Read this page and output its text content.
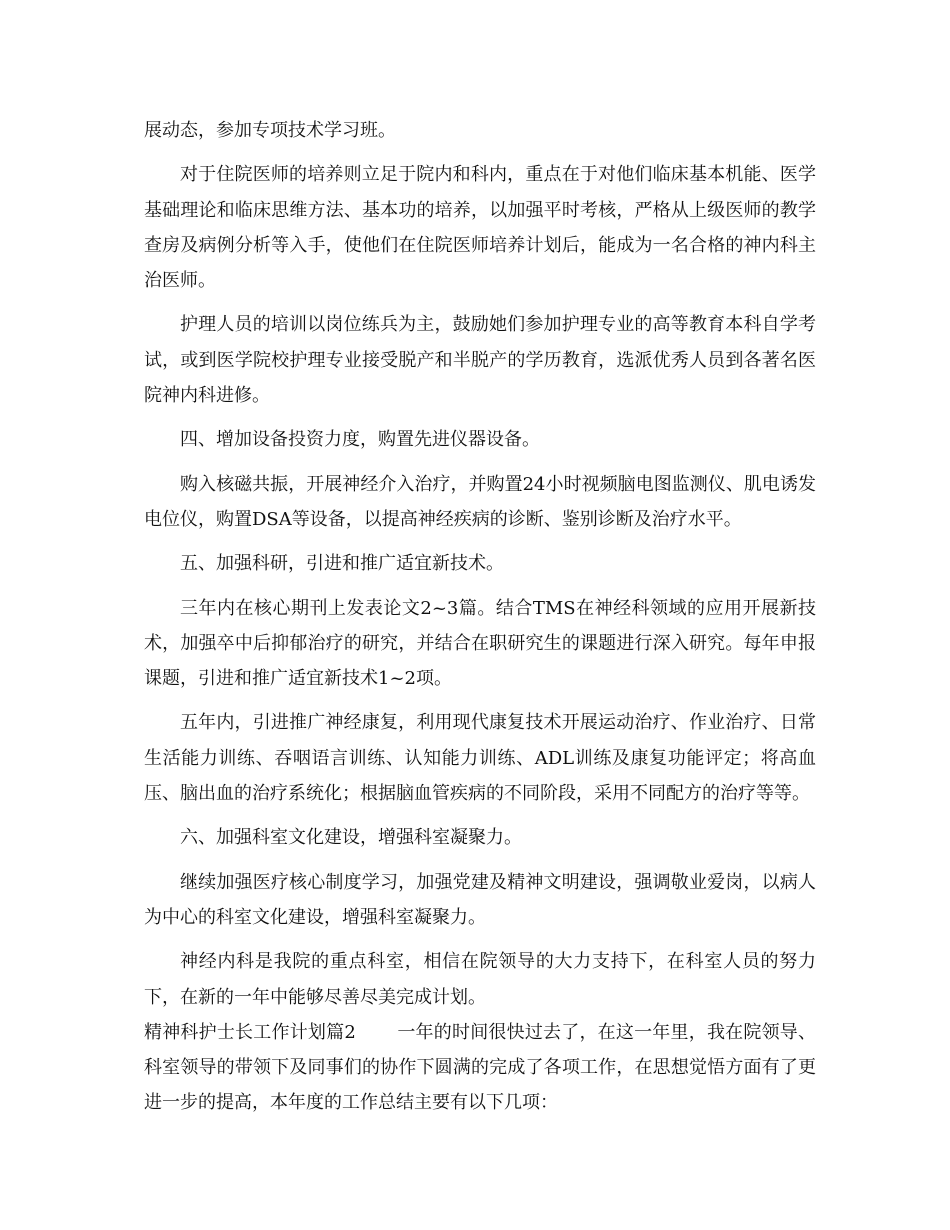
展动态，参加专项技术学习班。

对于住院医师的培养则立足于院内和科内，重点在于对他们临床基本机能、医学基础理论和临床思维方法、基本功的培养，以加强平时考核，严格从上级医师的教学查房及病例分析等入手，使他们在住院医师培养计划后，能成为一名合格的神内科主治医师。

护理人员的培训以岗位练兵为主，鼓励她们参加护理专业的高等教育本科自学考试，或到医学院校护理专业接受脱产和半脱产的学历教育，选派优秀人员到各著名医院神内科进修。

四、增加设备投资力度，购置先进仪器设备。

购入核磁共振，开展神经介入治疗，并购置24小时视频脑电图监测仪、肌电诱发电位仪，购置DSA等设备，以提高神经疾病的诊断、鉴别诊断及治疗水平。

五、加强科研，引进和推广适宜新技术。

三年内在核心期刊上发表论文2~3篇。结合TMS在神经科领域的应用开展新技术，加强卒中后抑郁治疗的研究，并结合在职研究生的课题进行深入研究。每年申报课题，引进和推广适宜新技术1~2项。

五年内，引进推广神经康复，利用现代康复技术开展运动治疗、作业治疗、日常生活能力训练、吞咽语言训练、认知能力训练、ADL训练及康复功能评定；将高血压、脑出血的治疗系统化；根据脑血管疾病的不同阶段，采用不同配方的治疗等等。

六、加强科室文化建设，增强科室凝聚力。

继续加强医疗核心制度学习，加强党建及精神文明建设，强调敬业爱岗，以病人为中心的科室文化建设，增强科室凝聚力。

神经内科是我院的重点科室，相信在院领导的大力支持下，在科室人员的努力下，在新的一年中能够尽善尽美完成计划。

精神科护士长工作计划篇2 一年的时间很快过去了，在这一年里，我在院领导、科室领导的带领下及同事们的协作下圆满的完成了各项工作，在思想觉悟方面有了更进一步的提高，本年度的工作总结主要有以下几项：
